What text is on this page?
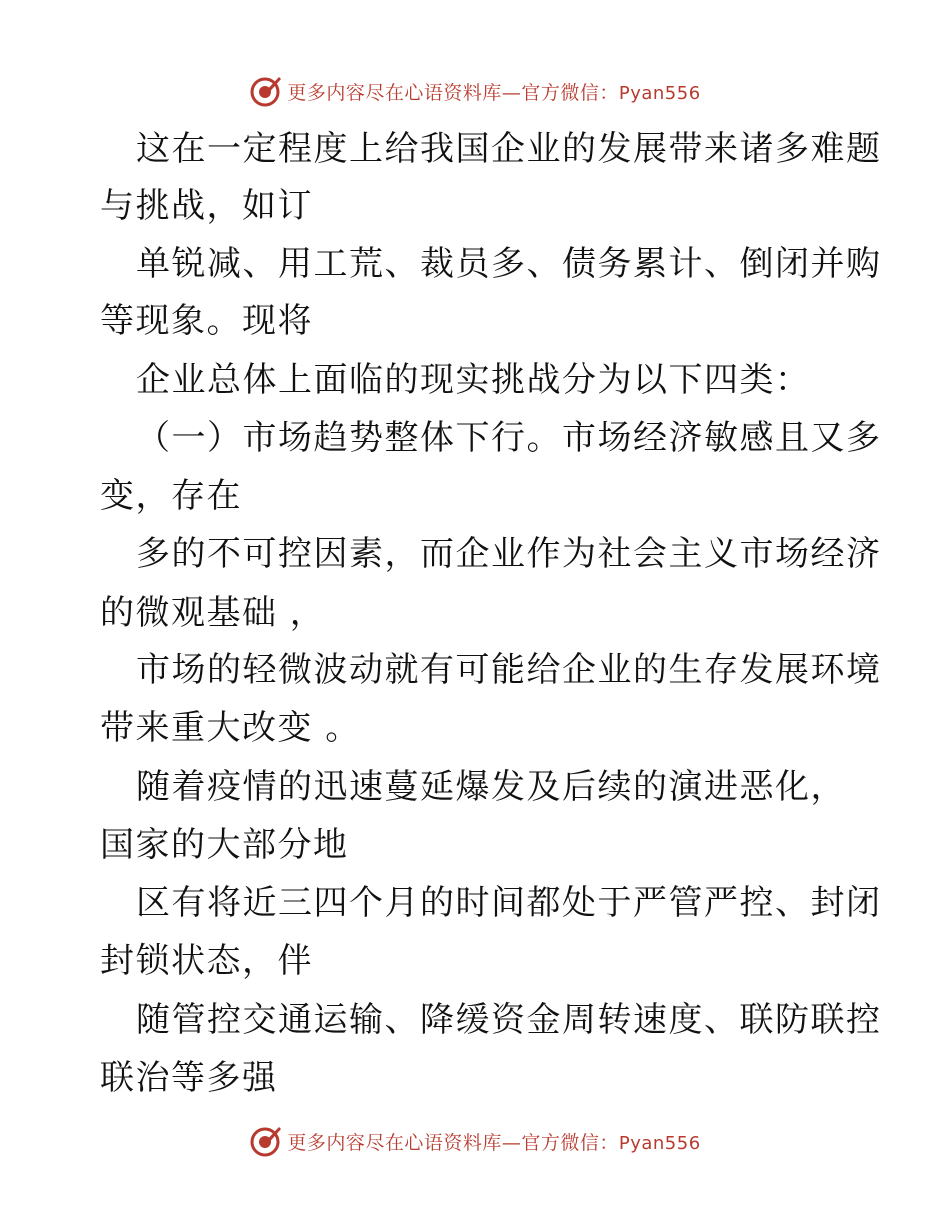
更多内容尽在心语资料库—官方微信：Pyan556
这在一定程度上给我国企业的发展带来诸多难题
与挑战，如订
单锐减、用工荒、裁员多、债务累计、倒闭并购
等现象。现将
企业总体上面临的现实挑战分为以下四类：
（一）市场趋势整体下行。市场经济敏感且又多
变，存在
多的不可控因素，而企业作为社会主义市场经济
的微观基础 ，
市场的轻微波动就有可能给企业的生存发展环境
带来重大改变 。
随着疫情的迅速蔓延爆发及后续的演进恶化，
国家的大部分地
区有将近三四个月的时间都处于严管严控、封闭
封锁状态，伴
随管控交通运输、降缓资金周转速度、联防联控
联治等多强
更多内容尽在心语资料库—官方微信：Pyan556
